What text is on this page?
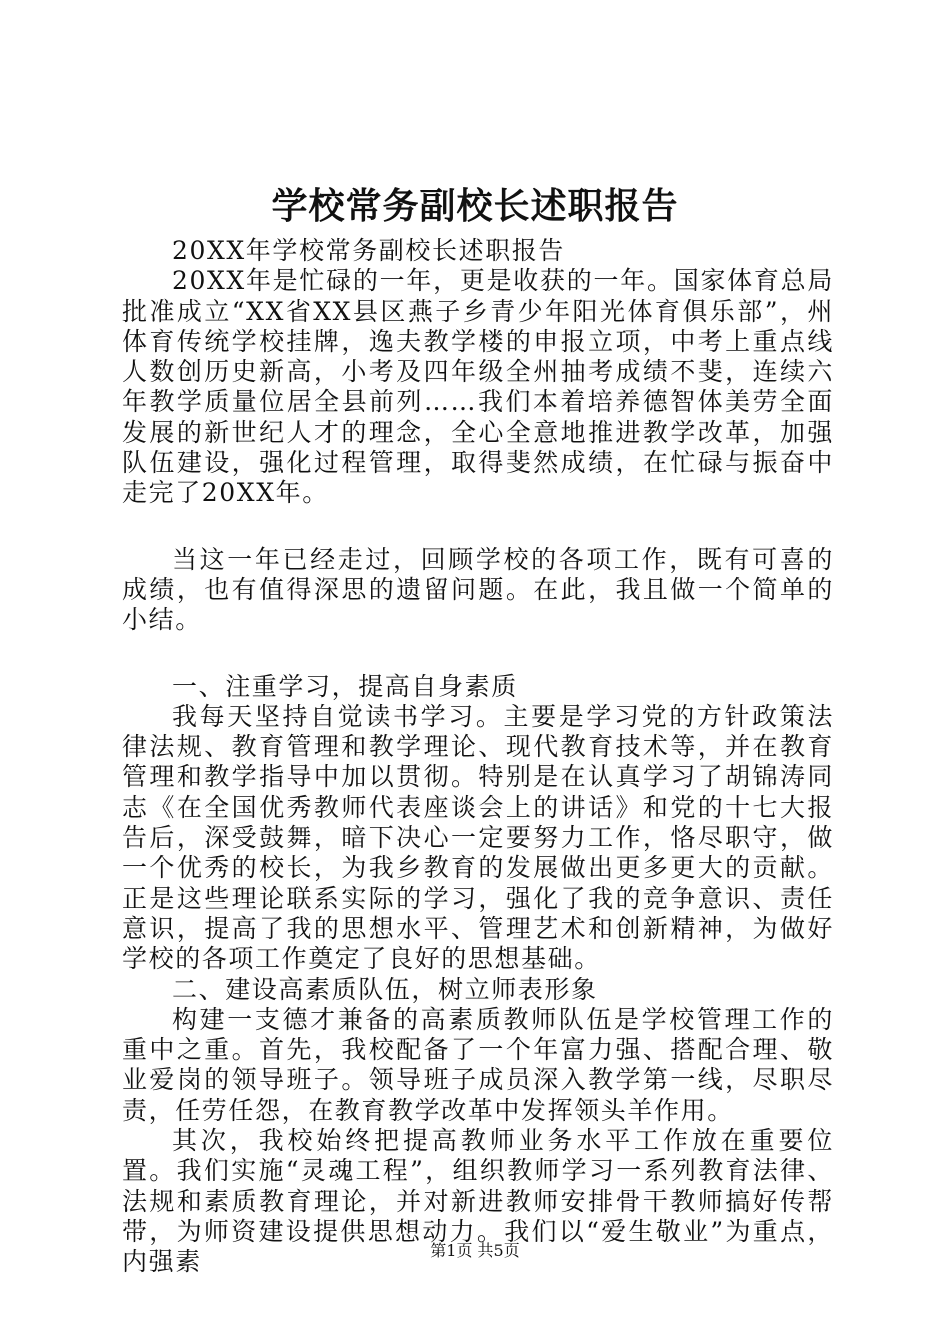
学校常务副校长述职报告

20XX年学校常务副校长述职报告

20XX年是忙碌的一年，更是收获的一年。国家体育总局批准成立“XX省XX县区燕子乡青少年阳光体育俱乐部”，州体育传统学校挂牌，逸夫教学楼的申报立项，中考上重点线人数创历史新高，小考及四年级全州抽考成绩不斐，连续六年教学质量位居全县前列……我们本着培养德智体美劳全面发展的新世纪人才的理念，全心全意地推进教学改革，加强队伍建设，强化过程管理，取得斐然成绩，在忙碌与振奋中走完了20XX年。

当这一年已经走过，回顾学校的各项工作，既有可喜的成绩，也有值得深思的遗留问题。在此，我且做一个简单的小结。

一、注重学习，提高自身素质

我每天坚持自觉读书学习。主要是学习党的方针政策法律法规、教育管理和教学理论、现代教育技术等，并在教育管理和教学指导中加以贯彻。特别是在认真学习了胡锦涛同志《在全国优秀教师代表座谈会上的讲话》和党的十七大报告后，深受鼓舞，暗下决心一定要努力工作，恪尽职守，做一个优秀的校长，为我乡教育的发展做出更多更大的贡献。正是这些理论联系实际的学习，强化了我的竞争意识、责任意识，提高了我的思想水平、管理艺术和创新精神，为做好学校的各项工作奠定了良好的思想基础。

二、建设高素质队伍，树立师表形象

构建一支德才兼备的高素质教师队伍是学校管理工作的重中之重。首先，我校配备了一个年富力强、搭配合理、敬业爱岗的领导班子。领导班子成员深入教学第一线，尽职尽责，任劳任怨，在教育教学改革中发挥领头羊作用。

其次，我校始终把提高教师业务水平工作放在重要位置。我们实施“灵魂工程”，组织教师学习一系列教育法律、法规和素质教育理论，并对新进教师安排骨干教师搞好传帮带，为师资建设提供思想动力。我们以“爱生敬业”为重点，内强素	第1页 共5页
